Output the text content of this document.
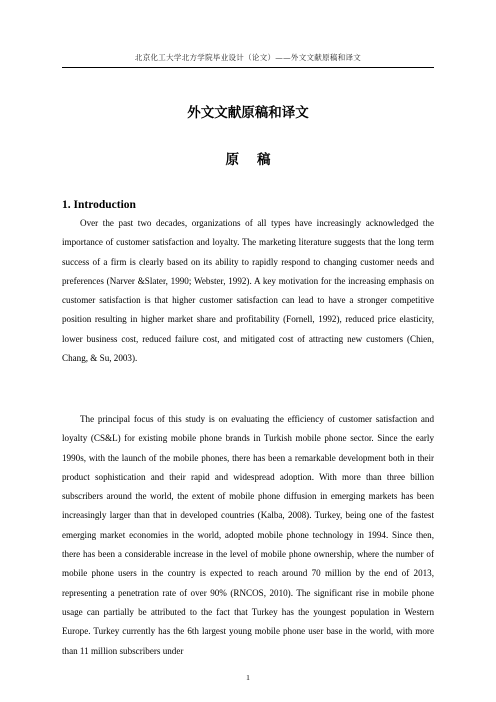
北京化工大学北方学院毕业设计（论文）——外文文献原稿和译文
外文文献原稿和译文
原稿
1. Introduction

Over the past two decades, organizations of all types have increasingly acknowledged the importance of customer satisfaction and loyalty. The marketing literature suggests that the long term success of a firm is clearly based on its ability to rapidly respond to changing customer needs and preferences (Narver &Slater, 1990; Webster, 1992). A key motivation for the increasing emphasis on customer satisfaction is that higher customer satisfaction can lead to have a stronger competitive position resulting in higher market share and profitability (Fornell, 1992), reduced price elasticity, lower business cost, reduced failure cost, and mitigated cost of attracting new customers (Chien, Chang, & Su, 2003).

The principal focus of this study is on evaluating the efficiency of customer satisfaction and loyalty (CS&L) for existing mobile phone brands in Turkish mobile phone sector. Since the early 1990s, with the launch of the mobile phones, there has been a remarkable development both in their product sophistication and their rapid and widespread adoption. With more than three billion subscribers around the world, the extent of mobile phone diffusion in emerging markets has been increasingly larger than that in developed countries (Kalba, 2008). Turkey, being one of the fastest emerging market economies in the world, adopted mobile phone technology in 1994. Since then, there has been a considerable increase in the level of mobile phone ownership, where the number of mobile phone users in the country is expected to reach around 70 million by the end of 2013, representing a penetration rate of over 90% (RNCOS, 2010). The significant rise in mobile phone usage can partially be attributed to the fact that Turkey has the youngest population in Western Europe. Turkey currently has the 6th largest young mobile phone user base in the world, with more than 11 million subscribers under

1
